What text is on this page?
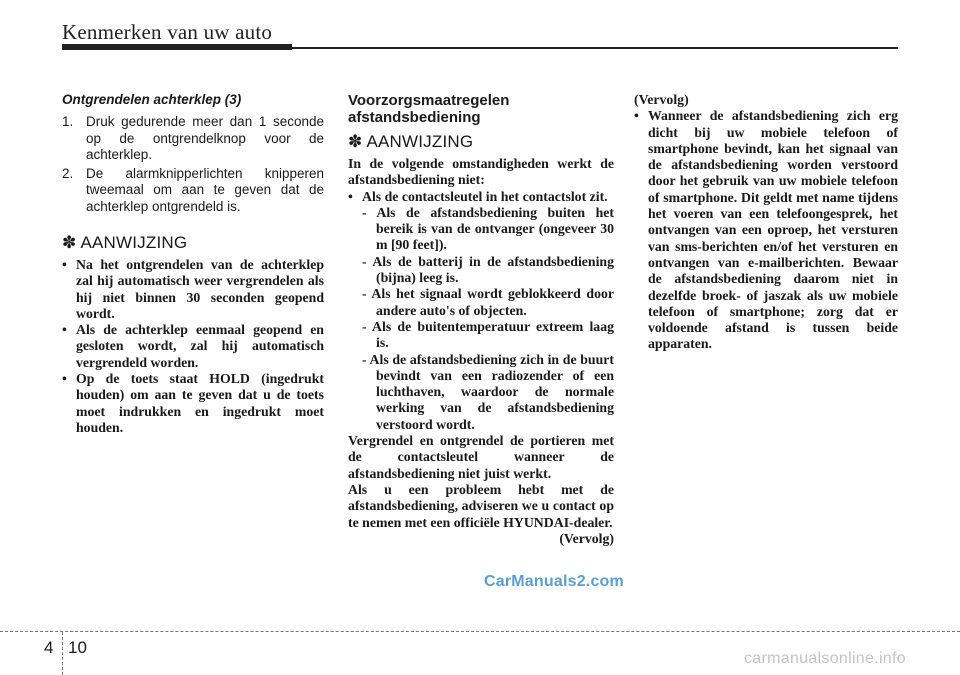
Kenmerken van uw auto

Ontgrendelen achterklep (3)

1. Druk gedurende meer dan 1 seconde op de ontgrendelknop voor de achterklep.

2. De alarmknipperlichten knipperen tweemaal om aan te geven dat de achterklep ontgrendeld is.

✽ AANWIJZING

• Na het ontgrendelen van de achterklep zal hij automatisch weer vergrendelen als hij niet binnen 30 seconden geopend wordt.

• Als de achterklep eenmaal geopend en gesloten wordt, zal hij automatisch vergrendeld worden.

• Op de toets staat HOLD (ingedrukt houden) om aan te geven dat u de toets moet indrukken en ingedrukt moet houden.

Voorzorgsmaatregelen
afstandsbediening

✽ AANWIJZING

In de volgende omstandigheden werkt de afstandsbediening niet:

• Als de contactsleutel in het contactslot zit.

- Als de afstandsbediening buiten het bereik is van de ontvanger (ongeveer 30 m [90 feet]).

- Als de batterij in de afstandsbediening (bijna) leeg is.

- Als het signaal wordt geblokkeerd door andere auto's of objecten.

- Als de buitentemperatuur extreem laag is.

- Als de afstandsbediening zich in de buurt bevindt van een radiozender of een luchthaven, waardoor de normale werking van de afstandsbediening verstoord wordt.

Vergrendel en ontgrendel de portieren met de contactsleutel wanneer de afstandsbediening niet juist werkt.

Als u een probleem hebt met de afstandsbediening, adviseren we u contact op te nemen met een officiële HYUNDAI-dealer.

(Vervolg)

(Vervolg)

• Wanneer de afstandsbediening zich erg dicht bij uw mobiele telefoon of smartphone bevindt, kan het signaal van de afstandsbediening worden verstoord door het gebruik van uw mobiele telefoon of smartphone. Dit geldt met name tijdens het voeren van een telefoongesprek, het ontvangen van een oproep, het versturen van sms-berichten en/of het versturen en ontvangen van e-mailberichten. Bewaar de afstandsbediening daarom niet in dezelfde broek- of jaszak als uw mobiele telefoon of smartphone; zorg dat er voldoende afstand is tussen beide apparaten.

CarManuals2.com
4 10
carmanualsonline.info
